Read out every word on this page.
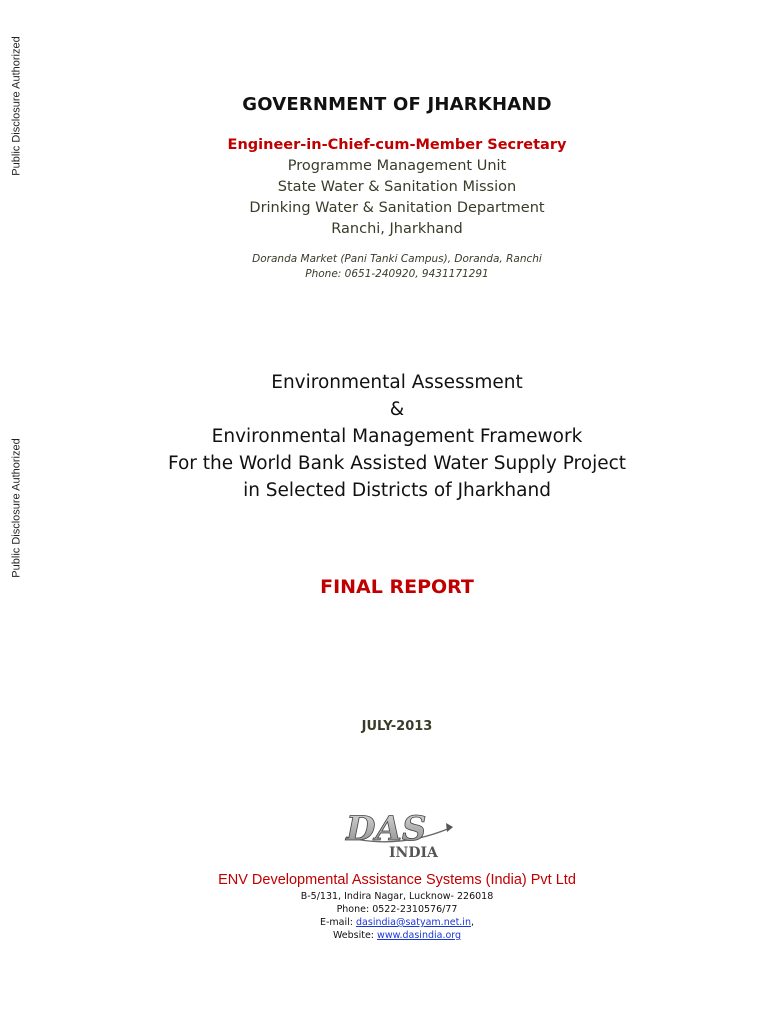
Public Disclosure Authorized
Public Disclosure Authorized
GOVERNMENT OF JHARKHAND
Engineer-in-Chief-cum-Member Secretary
Programme Management Unit
State Water & Sanitation Mission
Drinking Water & Sanitation Department
Ranchi, Jharkhand
Doranda Market (Pani Tanki Campus), Doranda, Ranchi
Phone: 0651-240920, 9431171291
Environmental Assessment
&
Environmental Management Framework
For the World Bank Assisted Water Supply Project
in Selected Districts of Jharkhand
FINAL REPORT
JULY-2013
DAS
INDIA
ENV Developmental Assistance Systems (India) Pvt Ltd
B-5/131, Indira Nagar, Lucknow- 226018
Phone: 0522-2310576/77
E-mail: dasindia@satyam.net.in,
Website: www.dasindia.org
